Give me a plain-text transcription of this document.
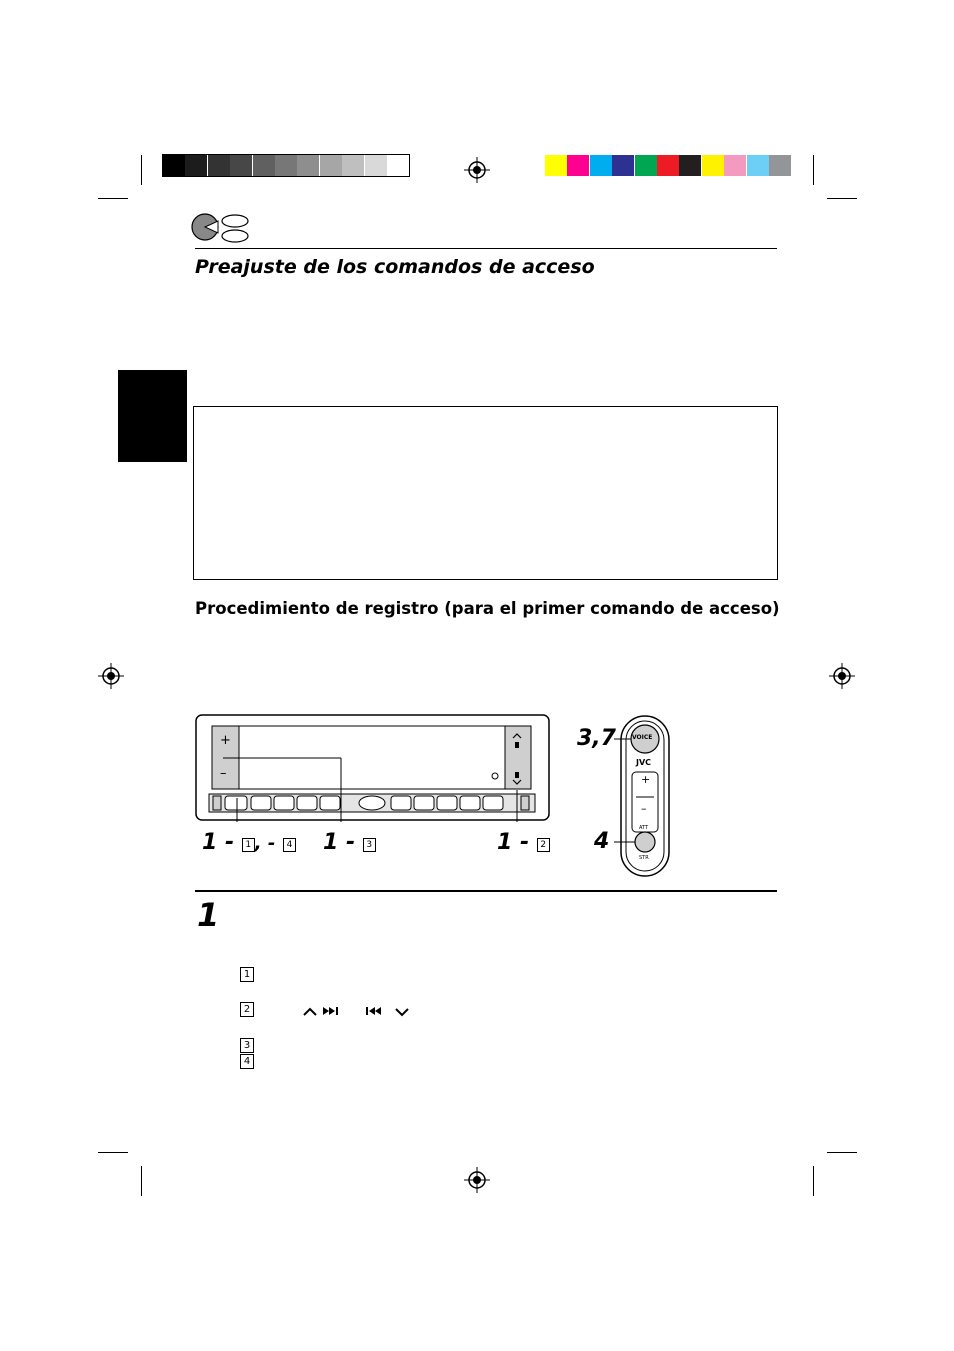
Preajuste de los comandos de acceso
Procedimiento de registro (para el primer comando de acceso)
+
–
1 - 1 , - 4 1 - 3	1 - 2
VOICE
JVC
+
–
ATT
STR
3,7
4
1
1
2
3
4
